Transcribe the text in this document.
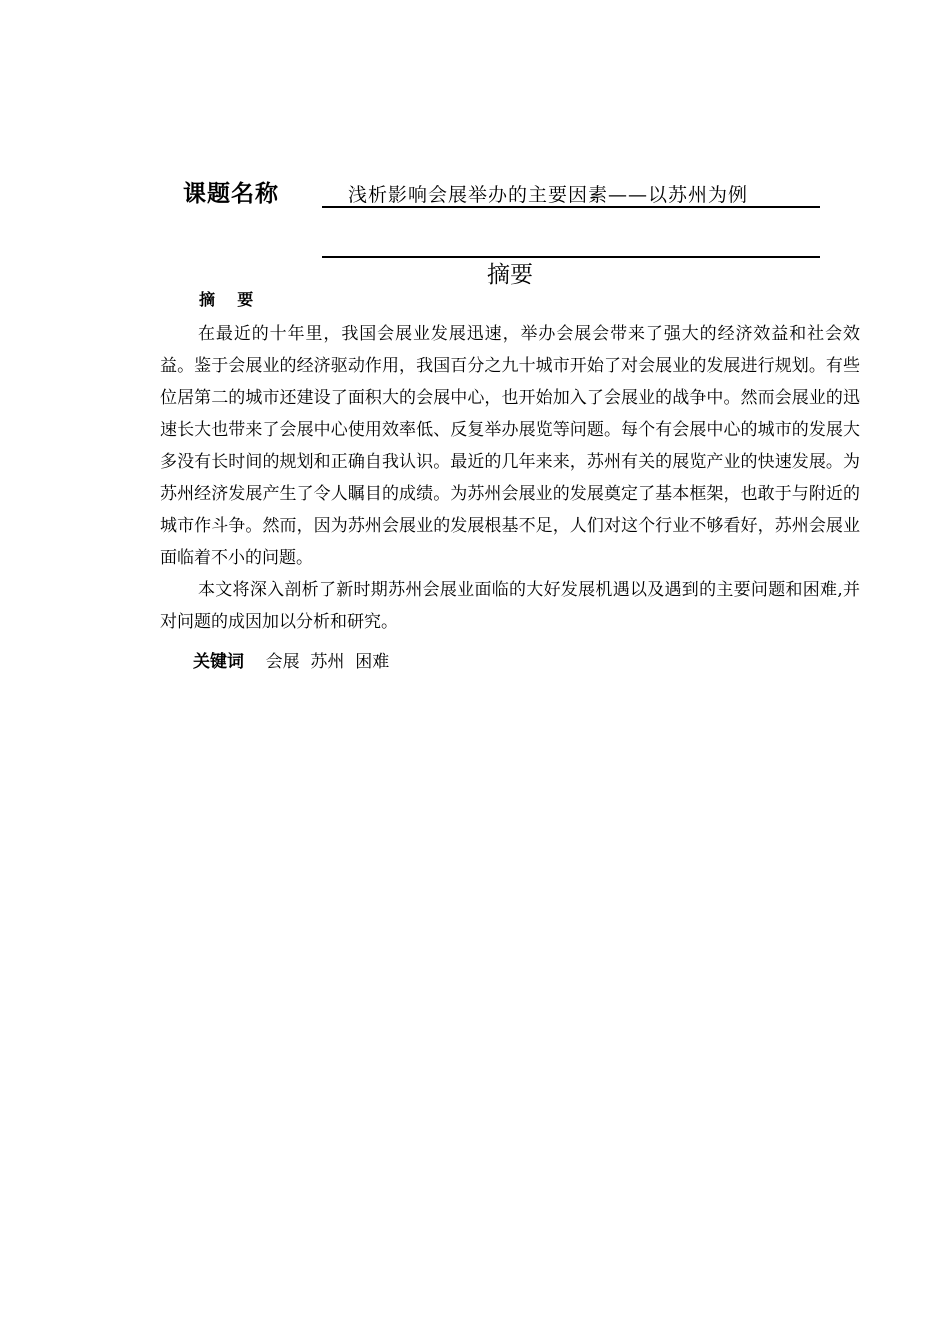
课题名称	浅析影响会展举办的主要因素——以苏州为例
摘要
摘    要

在最近的十年里，我国会展业发展迅速，举办会展会带来了强大的经济效益和社会效益。鉴于会展业的经济驱动作用，我国百分之九十城市开始了对会展业的发展进行规划。有些位居第二的城市还建设了面积大的会展中心，也开始加入了会展业的战争中。然而会展业的迅速长大也带来了会展中心使用效率低、反复举办展览等问题。每个有会展中心的城市的发展大多没有长时间的规划和正确自我认识。最近的几年来来，苏州有关的展览产业的快速发展。为苏州经济发展产生了令人瞩目的成绩。为苏州会展业的发展奠定了基本框架，也敢于与附近的城市作斗争。然而，因为苏州会展业的发展根基不足，人们对这个行业不够看好，苏州会展业面临着不小的问题。

本文将深入剖析了新时期苏州会展业面临的大好发展机遇以及遇到的主要问题和困难,并对问题的成因加以分析和研究。

关键词 会展  苏州  困难
